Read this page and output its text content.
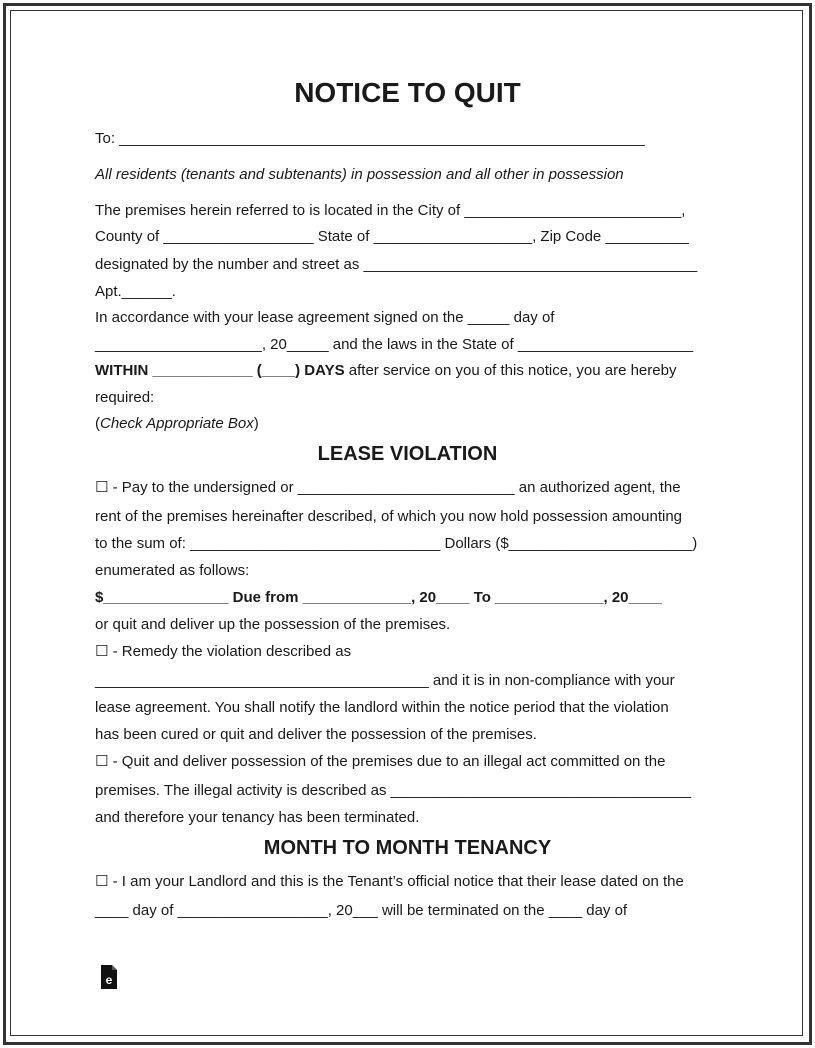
NOTICE TO QUIT
To: _______________________________________________________________
All residents (tenants and subtenants) in possession and all other in possession
The premises herein referred to is located in the City of __________________________,
County of __________________ State of ___________________, Zip Code __________
designated by the number and street as ________________________________________
Apt.______.
In accordance with your lease agreement signed on the _____ day of
____________________, 20_____ and the laws in the State of _____________________
WITHIN ____________ (____) DAYS after service on you of this notice, you are hereby
required:
(Check Appropriate Box)
LEASE VIOLATION
☐ - Pay to the undersigned or __________________________ an authorized agent, the
rent of the premises hereinafter described, of which you now hold possession amounting
to the sum of: ______________________________ Dollars ($______________________)
enumerated as follows:
$_______________ Due from _____________, 20____ To _____________, 20____
or quit and deliver up the possession of the premises.
☐ - Remedy the violation described as
________________________________________ and it is in non-compliance with your
lease agreement. You shall notify the landlord within the notice period that the violation
has been cured or quit and deliver the possession of the premises.
☐ - Quit and deliver possession of the premises due to an illegal act committed on the
premises. The illegal activity is described as ____________________________________
and therefore your tenancy has been terminated.
MONTH TO MONTH TENANCY
☐ - I am your Landlord and this is the Tenant’s official notice that their lease dated on the
____ day of __________________, 20___ will be terminated on the ____ day of
e
